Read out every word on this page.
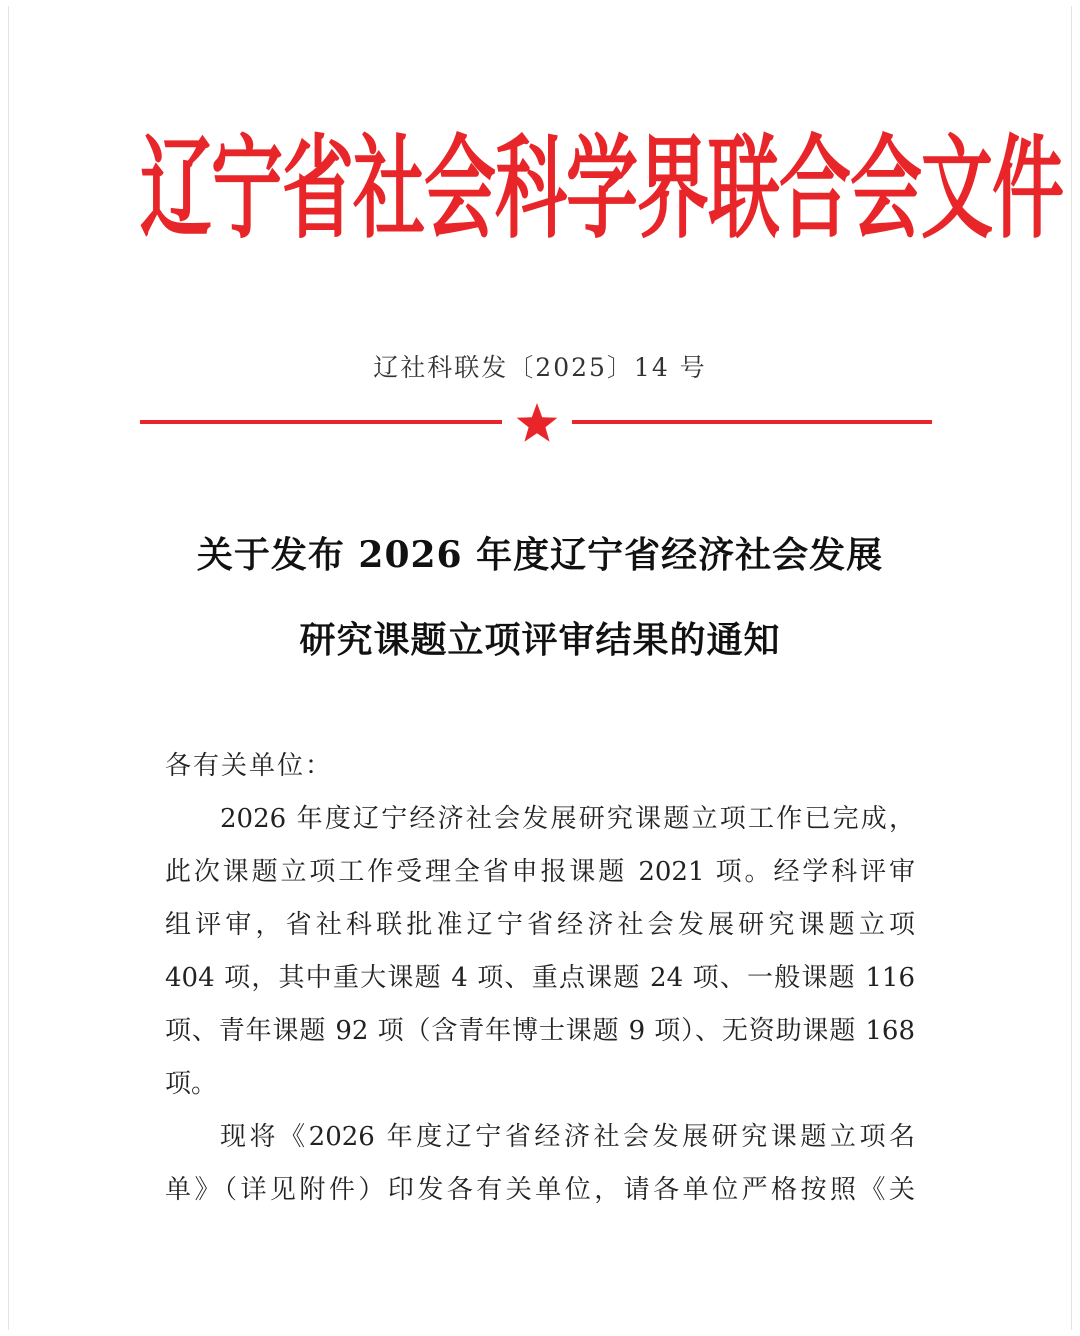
辽宁省社会科学界联合会文件
辽社科联发〔2025〕14 号
关于发布 2026 年度辽宁省经济社会发展
研究课题立项评审结果的通知
各有关单位：
2026 年度辽宁经济社会发展研究课题立项工作已完成，
此次课题立项工作受理全省申报课题 2021 项。经学科评审
组评审，省社科联批准辽宁省经济社会发展研究课题立项
404 项，其中重大课题 4 项、重点课题 24 项、一般课题 116
项、青年课题 92 项（含青年博士课题 9 项）、无资助课题 168
项。
现将《2026 年度辽宁省经济社会发展研究课题立项名
单》（详见附件）印发各有关单位，请各单位严格按照《关
